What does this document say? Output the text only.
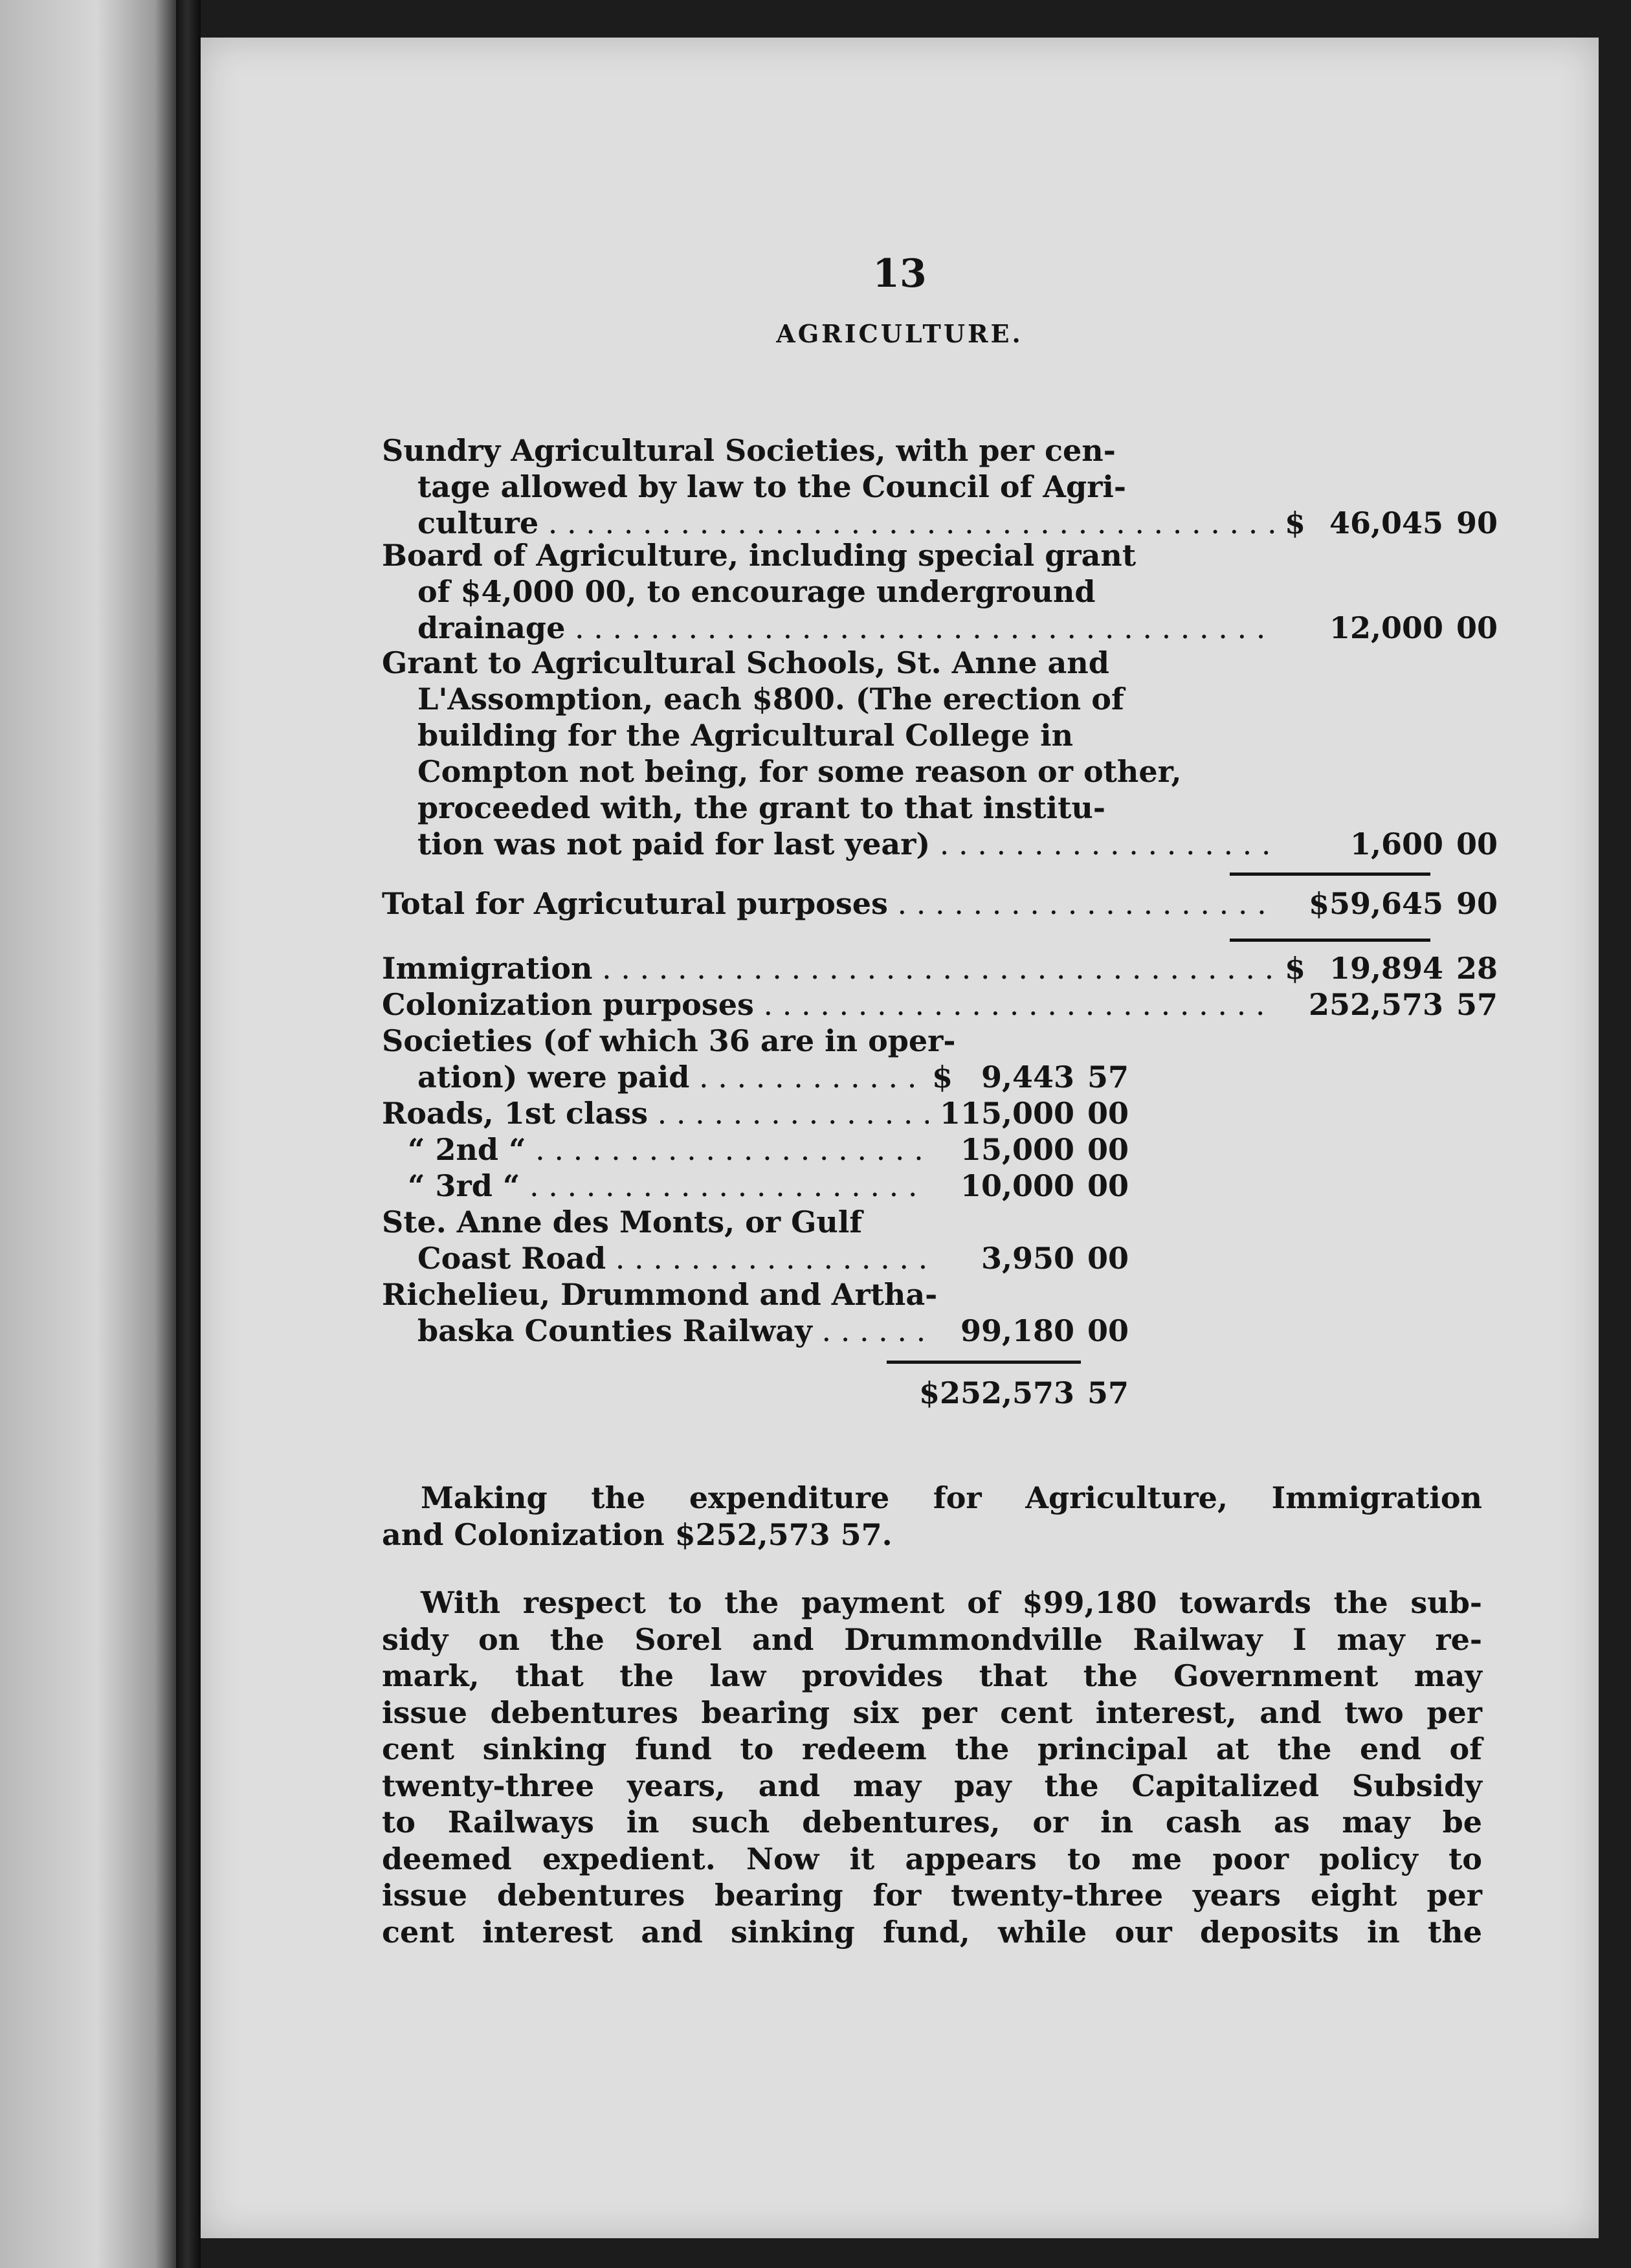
13
AGRICULTURE.
Sundry Agricultural Societies, with per cen-
tage allowed by law to the Council of Agri-
culture . . .	$ 46,045 90
Board of Agriculture, including special grant
of $4,000 00, to encourage underground
drainage . . .	12,000 00
Grant to Agricultural Schools, St. Anne and
L'Assomption, each $800. (The erection of
building for the Agricultural College in
Compton not being, for some reason or other,
proceeded with, the grant to that institu-
tion was not paid for last year) . . .	1,600 00
Total for Agricutural purposes . . .	$59,645 90
Immigration . . .	$ 19,894 28
Colonization purposes . . .	252,573 57
Societies (of which 36 are in oper-
ation) were paid . . .	$ 9,443 57
Roads, 1st class . . .	115,000 00
“ 2nd “ . . .	15,000 00
“ 3rd “ . . .	10,000 00
Ste. Anne des Monts, or Gulf
Coast Road . . .	3,950 00
Richelieu, Drummond and Artha-
baska Counties Railway . . .	99,180 00
$252,573 57
Making the expenditure for Agriculture, Immigration
and Colonization $252,573 57.
With respect to the payment of $99,180 towards the sub-
sidy on the Sorel and Drummondville Railway I may re-
mark, that the law provides that the Government may
issue debentures bearing six per cent interest, and two per
cent sinking fund to redeem the principal at the end of
twenty-three years, and may pay the Capitalized Subsidy
to Railways in such debentures, or in cash as may be
deemed expedient. Now it appears to me poor policy to
issue debentures bearing for twenty-three years eight per
cent interest and sinking fund, while our deposits in the
